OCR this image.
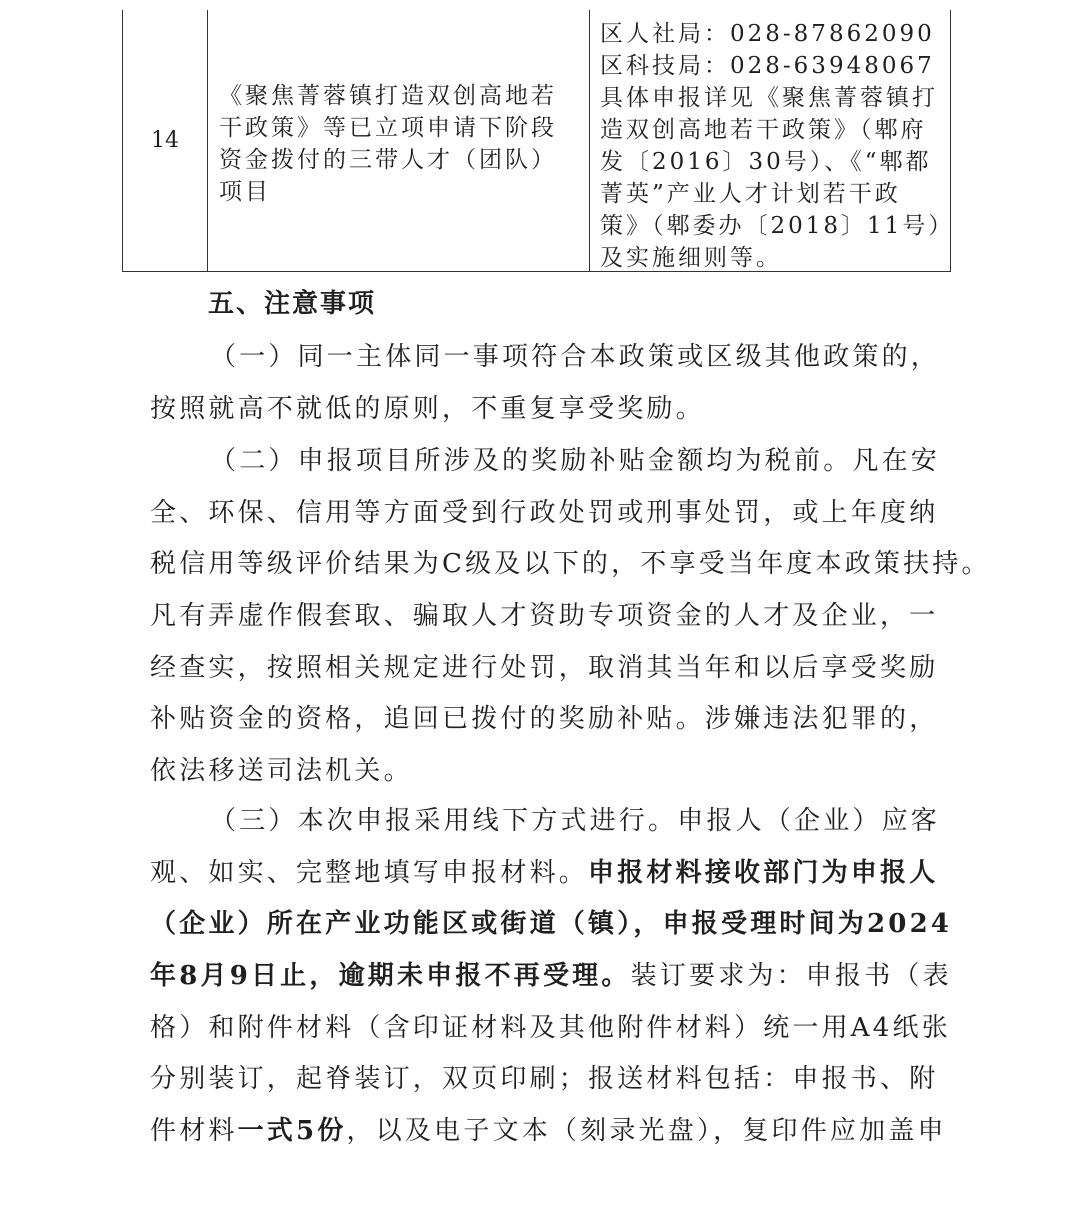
14
《聚焦菁蓉镇打造双创高地若
干政策》等已立项申请下阶段
资金拨付的三带人才（团队）
项目
区人社局：028-87862090
区科技局：028-63948067
具体申报详见《聚焦菁蓉镇打
造双创高地若干政策》（郫府
发〔2016〕30号）、《“郫都
菁英”产业人才计划若干政
策》（郫委办〔2018〕11号）
及实施细则等。
五、注意事项
（一）同一主体同一事项符合本政策或区级其他政策的，
按照就高不就低的原则，不重复享受奖励。
（二）申报项目所涉及的奖励补贴金额均为税前。凡在安
全、环保、信用等方面受到行政处罚或刑事处罚，或上年度纳
税信用等级评价结果为C级及以下的，不享受当年度本政策扶持。
凡有弄虚作假套取、骗取人才资助专项资金的人才及企业，一
经查实，按照相关规定进行处罚，取消其当年和以后享受奖励
补贴资金的资格，追回已拨付的奖励补贴。涉嫌违法犯罪的，
依法移送司法机关。
（三）本次申报采用线下方式进行。申报人（企业）应客
观、如实、完整地填写申报材料。申报材料接收部门为申报人
（企业）所在产业功能区或街道（镇），申报受理时间为2024
年8月9日止，逾期未申报不再受理。装订要求为：申报书（表
格）和附件材料（含印证材料及其他附件材料）统一用A4纸张
分别装订，起脊装订，双页印刷；报送材料包括：申报书、附
件材料一式5份，以及电子文本（刻录光盘），复印件应加盖申
